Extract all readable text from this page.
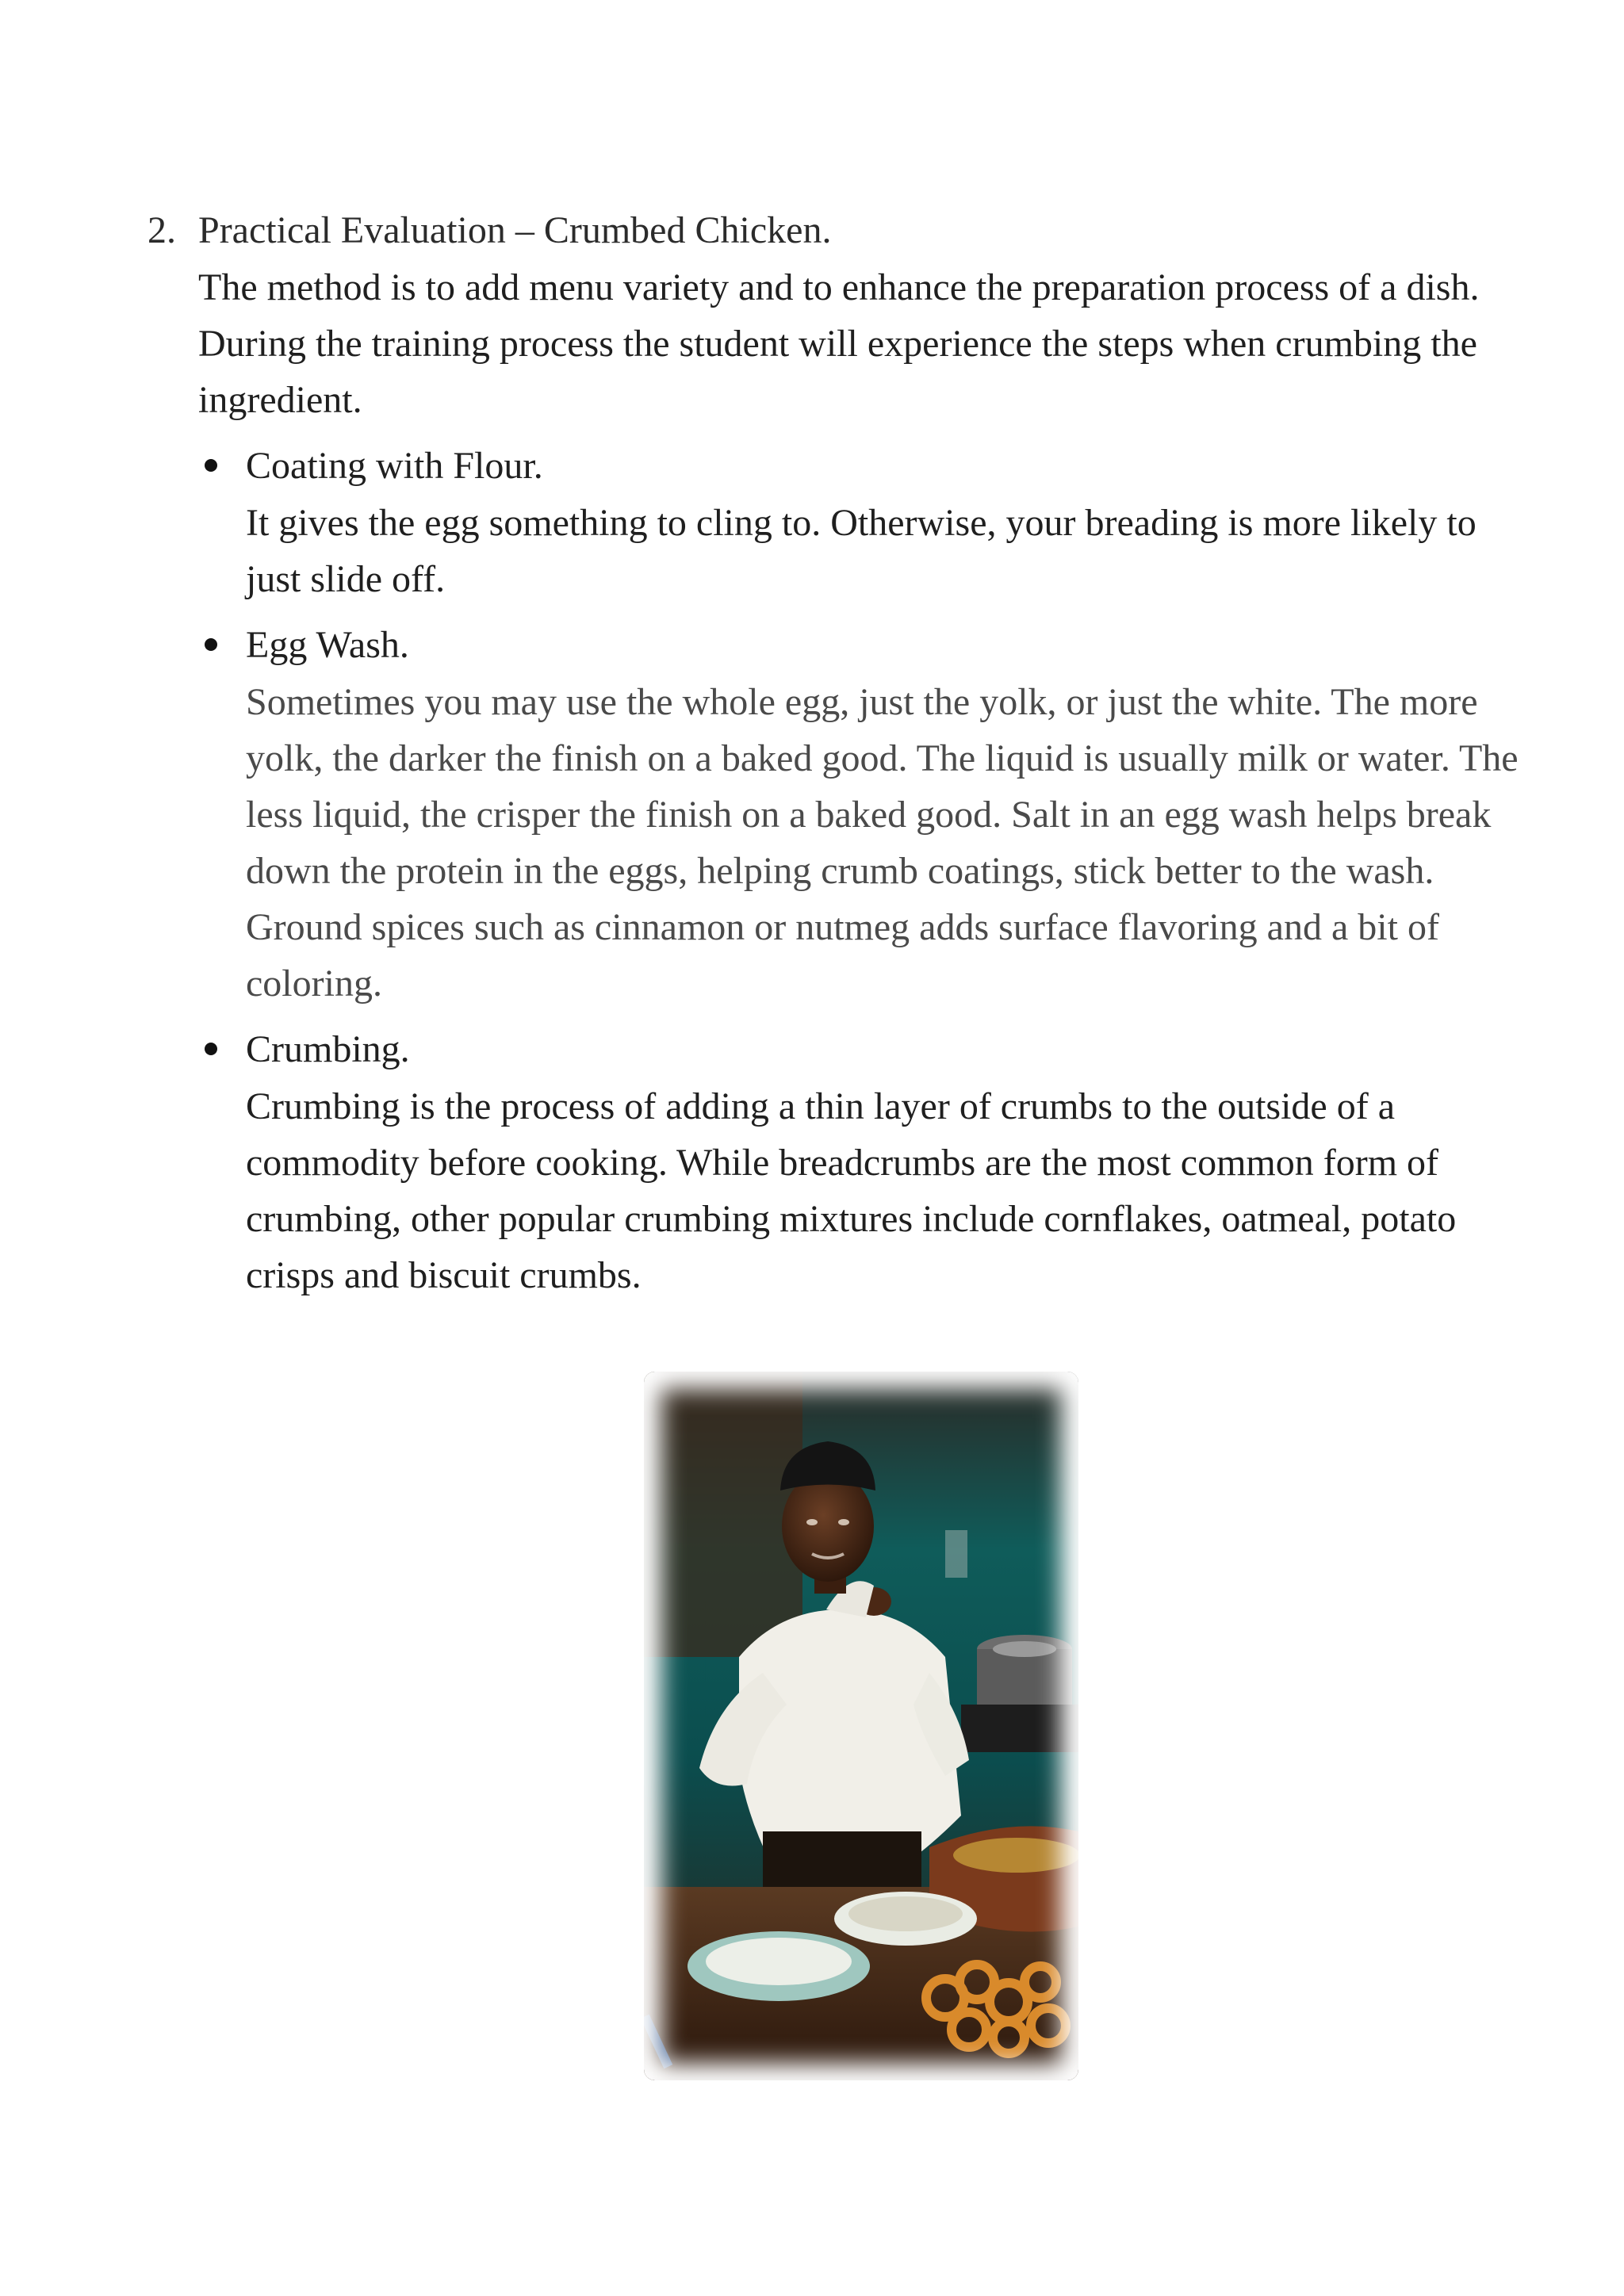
2. Practical Evaluation – Crumbed Chicken.
The method is to add menu variety and to enhance the preparation process of a dish. During the training process the student will experience the steps when crumbing the ingredient.
Coating with Flour.
It gives the egg something to cling to. Otherwise, your breading is more likely to just slide off.
Egg Wash.
Sometimes you may use the whole egg, just the yolk, or just the white. The more yolk, the darker the finish on a baked good. The liquid is usually milk or water. The less liquid, the crisper the finish on a baked good. Salt in an egg wash helps break down the protein in the eggs, helping crumb coatings, stick better to the wash. Ground spices such as cinnamon or nutmeg adds surface flavoring and a bit of coloring.
Crumbing.
Crumbing is the process of adding a thin layer of crumbs to the outside of a commodity before cooking. While breadcrumbs are the most common form of crumbing, other popular crumbing mixtures include cornflakes, oatmeal, potato crisps and biscuit crumbs.
